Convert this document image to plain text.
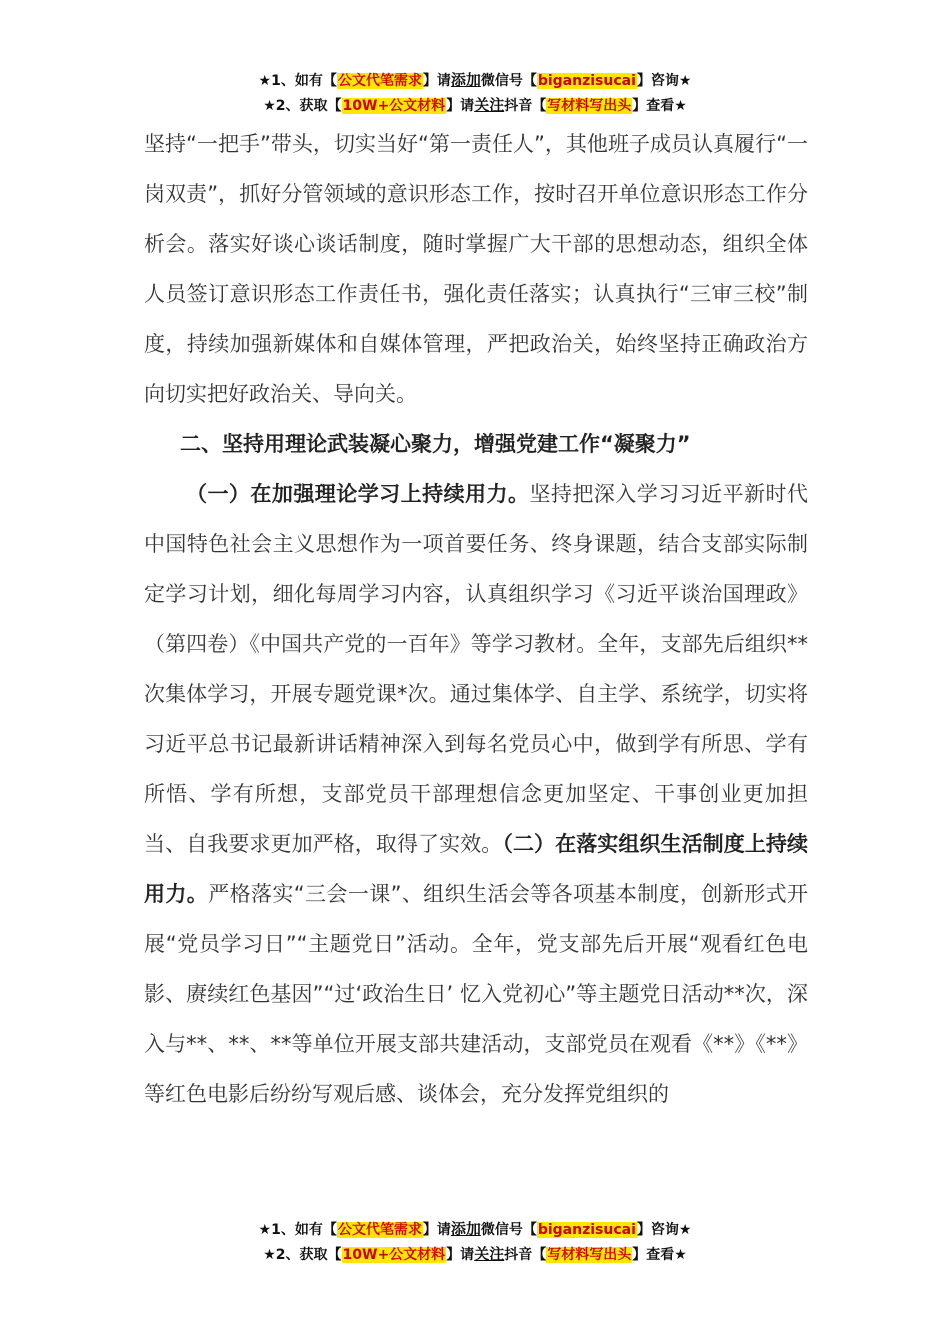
★1、如有【公文代笔需求】请添加微信号【biganzisucai】咨询★
★2、获取【10W+公文材料】请关注抖音【写材料写出头】查看★

坚持“一把手”带头，切实当好“第一责任人”，其他班子成员认真履行“一岗双责”，抓好分管领域的意识形态工作，按时召开单位意识形态工作分析会。落实好谈心谈话制度，随时掌握广大干部的思想动态，组织全体人员签订意识形态工作责任书，强化责任落实；认真执行“三审三校”制度，持续加强新媒体和自媒体管理，严把政治关，始终坚持正确政治方向切实把好政治关、导向关。

二、坚持用理论武装凝心聚力，增强党建工作“凝聚力”

（一）在加强理论学习上持续用力。坚持把深入学习习近平新时代中国特色社会主义思想作为一项首要任务、终身课题，结合支部实际制定学习计划，细化每周学习内容，认真组织学习《习近平谈治国理政》（第四卷）《中国共产党的一百年》等学习教材。全年，支部先后组织**次集体学习，开展专题党课*次。通过集体学、自主学、系统学，切实将习近平总书记最新讲话精神深入到每名党员心中，做到学有所思、学有所悟、学有所想，支部党员干部理想信念更加坚定、干事创业更加担当、自我要求更加严格，取得了实效。（二）在落实组织生活制度上持续用力。严格落实“三会一课”、组织生活会等各项基本制度，创新形式开展“党员学习日”“主题党日”活动。全年，党支部先后开展“观看红色电影、赓续红色基因”“过‘政治生日’ 忆入党初心”等主题党日活动**次，深入与**、**、**等单位开展支部共建活动，支部党员在观看《**》《**》等红色电影后纷纷写观后感、谈体会，充分发挥党组织的

★1、如有【公文代笔需求】请添加微信号【biganzisucai】咨询★
★2、获取【10W+公文材料】请关注抖音【写材料写出头】查看★
